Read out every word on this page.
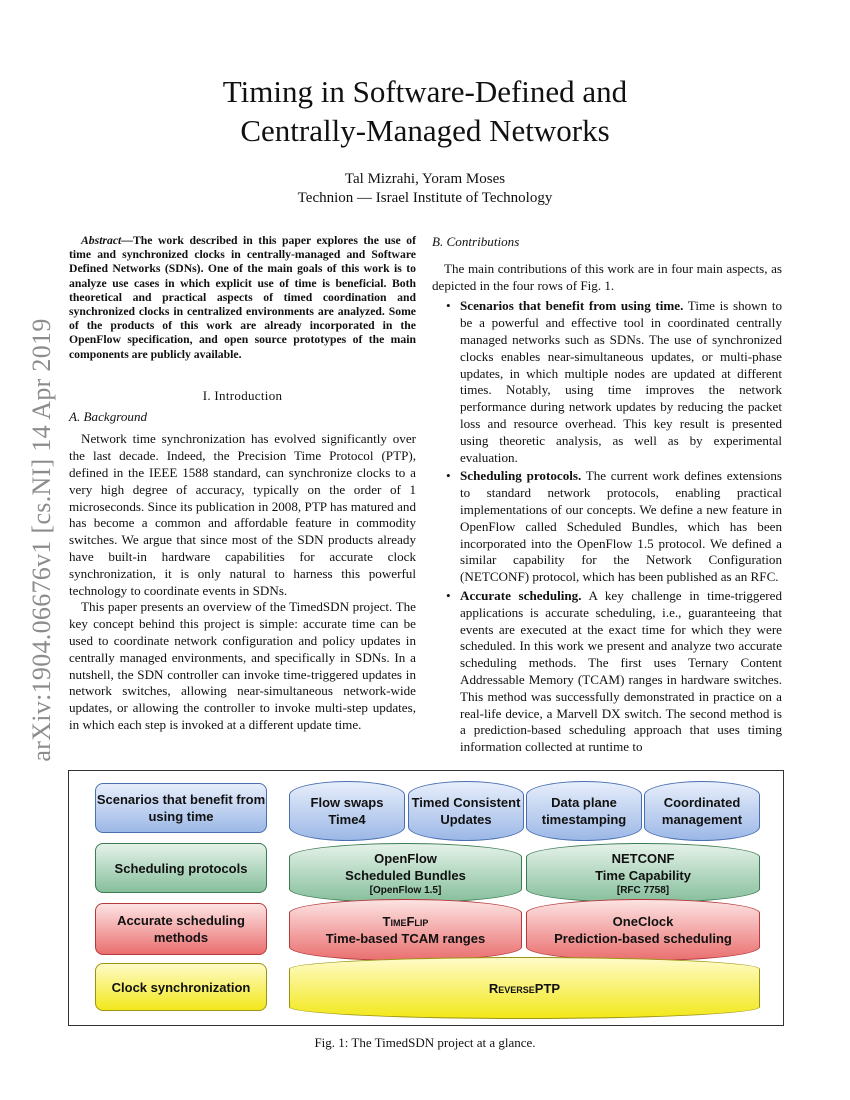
arXiv:1904.06676v1 [cs.NI] 14 Apr 2019
Timing in Software-Defined and
Centrally-Managed Networks
Tal Mizrahi, Yoram Moses
Technion — Israel Institute of Technology

Abstract—The work described in this paper explores the use of time and synchronized clocks in centrally-managed and Software Defined Networks (SDNs). One of the main goals of this work is to analyze use cases in which explicit use of time is beneficial. Both theoretical and practical aspects of timed coordination and synchronized clocks in centralized environments are analyzed. Some of the products of this work are already incorporated in the OpenFlow specification, and open source prototypes of the main components are publicly available.

I. Introduction
A. Background

Network time synchronization has evolved significantly over the last decade. Indeed, the Precision Time Protocol (PTP), defined in the IEEE 1588 standard, can synchronize clocks to a very high degree of accuracy, typically on the order of 1 microseconds. Since its publication in 2008, PTP has matured and has become a common and affordable feature in commodity switches. We argue that since most of the SDN products already have built-in hardware capabilities for accurate clock synchronization, it is only natural to harness this powerful technology to coordinate events in SDNs.

This paper presents an overview of the TimedSDN project. The key concept behind this project is simple: accurate time can be used to coordinate network configuration and policy updates in centrally managed environments, and specifically in SDNs. In a nutshell, the SDN controller can invoke time-triggered updates in network switches, allowing near-simultaneous network-wide updates, or allowing the controller to invoke multi-step updates, in which each step is invoked at a different update time.

B. Contributions

The main contributions of this work are in four main aspects, as depicted in the four rows of Fig. 1.

• Scenarios that benefit from using time. Time is shown to be a powerful and effective tool in coordinated centrally managed networks such as SDNs. The use of synchronized clocks enables near-simultaneous updates, or multi-phase updates, in which multiple nodes are updated at different times. Notably, using time improves the network performance during network updates by reducing the packet loss and resource overhead. This key result is presented using theoretic analysis, as well as by experimental evaluation.
• Scheduling protocols. The current work defines extensions to standard network protocols, enabling practical implementations of our concepts. We define a new feature in OpenFlow called Scheduled Bundles, which has been incorporated into the OpenFlow 1.5 protocol. We defined a similar capability for the Network Configuration (NETCONF) protocol, which has been published as an RFC.
• Accurate scheduling. A key challenge in time-triggered applications is accurate scheduling, i.e., guaranteeing that events are executed at the exact time for which they were scheduled. In this work we present and analyze two accurate scheduling methods. The first uses Ternary Content Addressable Memory (TCAM) ranges in hardware switches. This method was successfully demonstrated in practice on a real-life device, a Marvell DX switch. The second method is a prediction-based scheduling approach that uses timing information collected at runtime to
Scenarios that benefit from using time
Scheduling protocols
Accurate scheduling methods
Clock synchronization
Flow swaps
Time4
Timed Consistent
Updates
Data plane
timestamping
Coordinated
management
OpenFlow
Scheduled Bundles
[OpenFlow 1.5]
NETCONF
Time Capability
[RFC 7758]
TimeFlip
Time-based TCAM ranges
OneClock
Prediction-based scheduling
ReversePTP
Fig. 1: The TimedSDN project at a glance.
